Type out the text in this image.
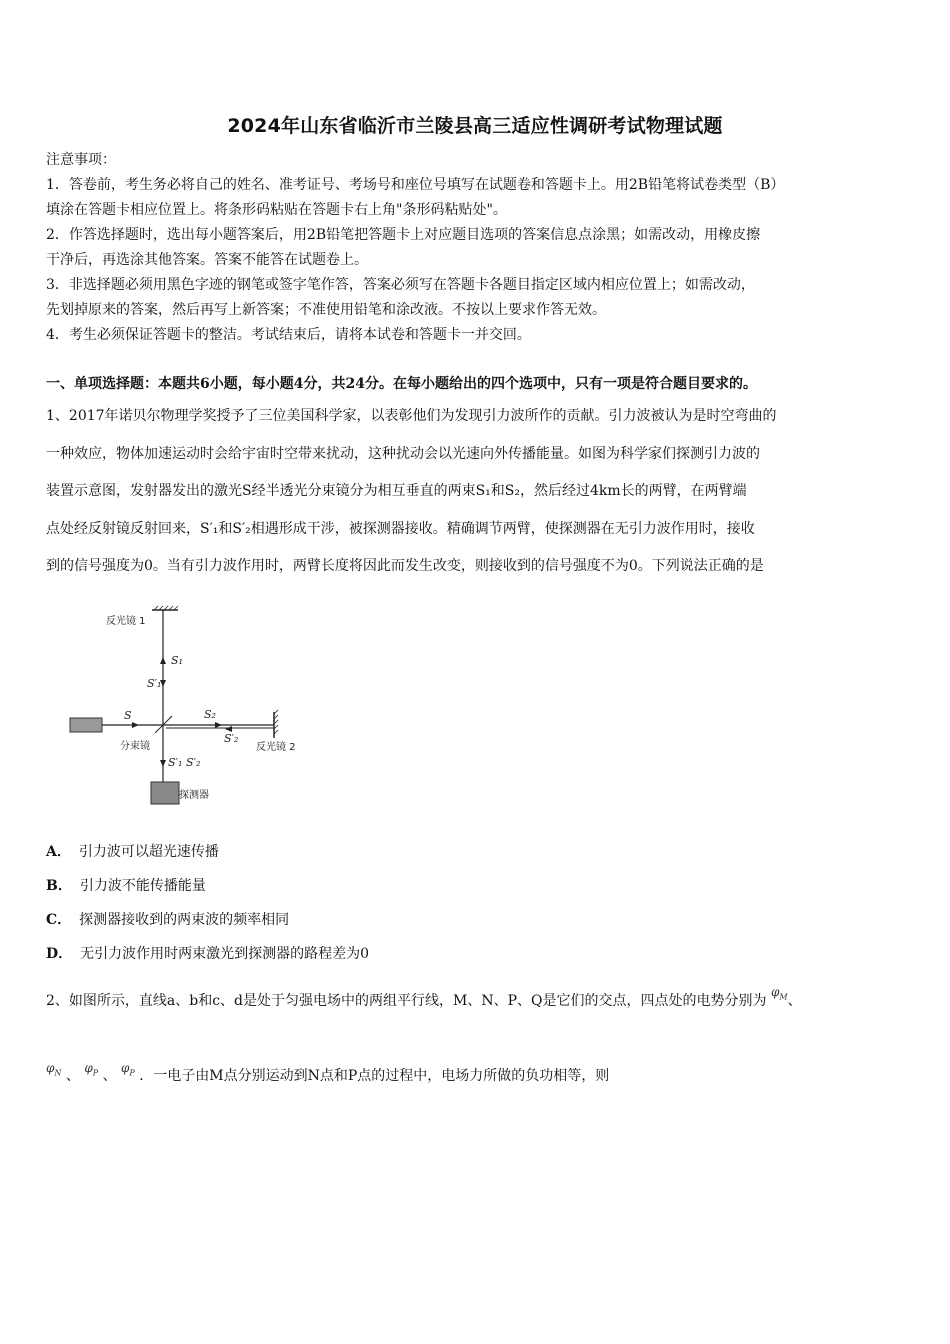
2024年山东省临沂市兰陵县高三适应性调研考试物理试题

注意事项：

1．答卷前，考生务必将自己的姓名、准考证号、考场号和座位号填写在试题卷和答题卡上。用2B铅笔将试卷类型（B）

填涂在答题卡相应位置上。将条形码粘贴在答题卡右上角"条形码粘贴处"。

2．作答选择题时，选出每小题答案后，用2B铅笔把答题卡上对应题目选项的答案信息点涂黑；如需改动，用橡皮擦

干净后，再选涂其他答案。答案不能答在试题卷上。

3．非选择题必须用黑色字迹的钢笔或签字笔作答，答案必须写在答题卡各题目指定区域内相应位置上；如需改动，

先划掉原来的答案，然后再写上新答案；不准使用铅笔和涂改液。不按以上要求作答无效。

4．考生必须保证答题卡的整洁。考试结束后，请将本试卷和答题卡一并交回。

一、单项选择题：本题共6小题，每小题4分，共24分。在每小题给出的四个选项中，只有一项是符合题目要求的。

1、2017年诺贝尔物理学奖授予了三位美国科学家，以表彰他们为发现引力波所作的贡献。引力波被认为是时空弯曲的

一种效应，物体加速运动时会给宇宙时空带来扰动，这种扰动会以光速向外传播能量。如图为科学家们探测引力波的

装置示意图，发射器发出的激光S经半透光分束镜分为相互垂直的两束S₁和S₂，然后经过4km长的两臂，在两臂端

点处经反射镜反射回来，S′₁和S′₂相遇形成干涉，被探测器接收。精确调节两臂，使探测器在无引力波作用时，接收

到的信号强度为0。当有引力波作用时，两臂长度将因此而发生改变，则接收到的信号强度不为0。下列说法正确的是

反光镜 1
S₁
S′₁
S
分束镜
S₂
S′₂
反光镜 2
S′₁ S′₂
探测器
A． 引力波可以超光速传播
B． 引力波不能传播能量
C． 探测器接收到的两束波的频率相同
D． 无引力波作用时两束激光到探测器的路程差为0
2、如图所示，直线a、b和c、d是处于匀强电场中的两组平行线，M、N、P、Q是它们的交点，四点处的电势分别为 $\varphi_M$、
$\varphi_N$ 、 $\varphi_P$ 、 $\varphi_P$ ．一电子由M点分别运动到N点和P点的过程中，电场力所做的负功相等，则
